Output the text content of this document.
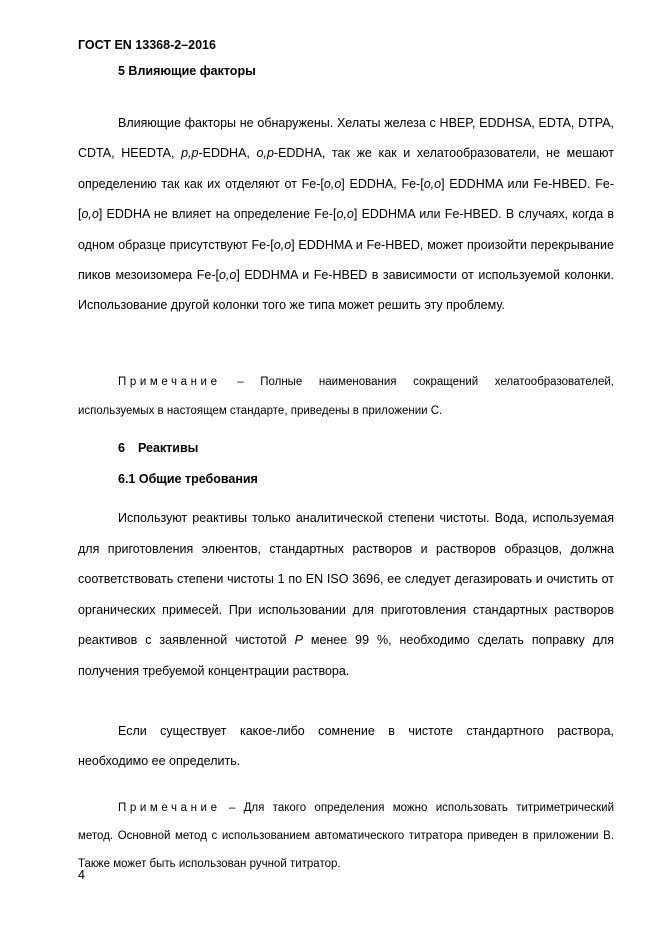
ГОСТ EN 13368-2–2016

5 Влияющие факторы

Влияющие факторы не обнаружены. Хелаты железа с HBEP, EDDHSA, EDTA, DTPA, CDTA, HEEDTA, p,p-EDDHA, o,p-EDDHA, так же как и хелатообразователи, не мешают определению так как их отделяют от Fe-[o,o] EDDHA, Fe-[o,o] EDDHMA или Fe-HBED. Fe-[o,o] EDDHA не влияет на определение Fe-[o,o] EDDHMA или Fe-HBED. В случаях, когда в одном образце присутствуют Fe-[o,o] EDDHMA и Fe-HBED, может произойти перекрывание пиков мезоизомера Fe-[o,o] EDDHMA и Fe-HBED в зависимости от используемой колонки. Использование другой колонки того же типа может решить эту проблему.

Примечание – Полные наименования сокращений хелатообразователей, используемых в настоящем стандарте, приведены в приложении С.

6 Реактивы

6.1 Общие требования

Используют реактивы только аналитической степени чистоты. Вода, используемая для приготовления элюентов, стандартных растворов и растворов образцов, должна соответствовать степени чистоты 1 по EN ISO 3696, ее следует дегазировать и очистить от органических примесей. При использовании для приготовления стандартных растворов реактивов с заявленной чистотой P менее 99 %, необходимо сделать поправку для получения требуемой концентрации раствора.

Если существует какое-либо сомнение в чистоте стандартного раствора, необходимо ее определить.

Примечание – Для такого определения можно использовать титриметрический метод. Основной метод с использованием автоматического титратора приведен в приложении В. Также может быть использован ручной титратор.

4
